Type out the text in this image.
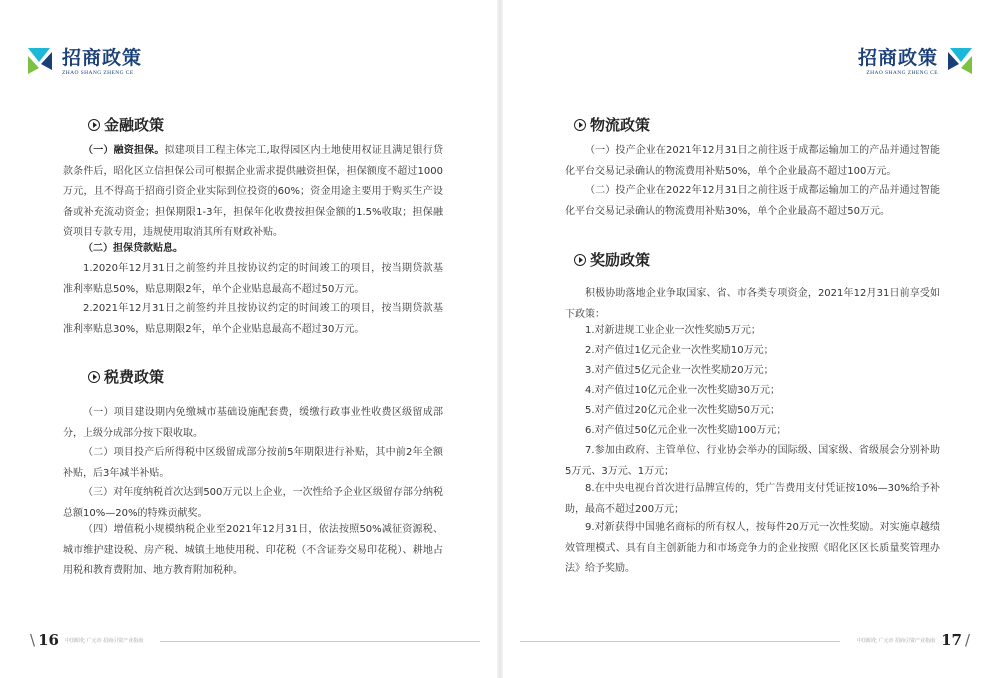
招商政策
ZHAO SHANG ZHENG CE
金融政策

（一）融资担保。拟建项目工程主体完工,取得园区内土地使用权证且满足银行贷款条件后，昭化区立信担保公司可根据企业需求提供融资担保，担保额度不超过1000万元，且不得高于招商引资企业实际到位投资的60%；资金用途主要用于购买生产设备或补充流动资金；担保期限1-3年，担保年化收费按担保金额的1.5%收取；担保融资项目专款专用，违规使用取消其所有财政补贴。

（二）担保贷款贴息。

1.2020年12月31日之前签约并且按协议约定的时间竣工的项目，按当期贷款基准利率贴息50%，贴息期限2年，单个企业贴息最高不超过50万元。

2.2021年12月31日之前签约并且按协议约定的时间竣工的项目，按当期贷款基准利率贴息30%，贴息期限2年，单个企业贴息最高不超过30万元。

税费政策

（一）项目建设期内免缴城市基础设施配套费，缓缴行政事业性收费区级留成部分，上级分成部分按下限收取。

（二）项目投产后所得税中区级留成部分按前5年期限进行补贴，其中前2年全额补贴，后3年减半补贴。

（三）对年度纳税首次达到500万元以上企业，一次性给予企业区级留存部分纳税总额10%—20%的特殊贡献奖。

（四）增值税小规模纳税企业至2021年12月31日，依法按照50%减征资源税、城市维护建设税、房产税、城镇土地使用税、印花税（不含证券交易印花税）、耕地占用税和教育费附加、地方教育附加税种。

\ 16 中国昭化 广元市 招商引资产业指南
招商政策
ZHAO SHANG ZHENG CE
物流政策

（一）投产企业在2021年12月31日之前往返于成都运输加工的产品并通过智能化平台交易记录确认的物流费用补贴50%，单个企业最高不超过100万元。

（二）投产企业在2022年12月31日之前往返于成都运输加工的产品并通过智能化平台交易记录确认的物流费用补贴30%，单个企业最高不超过50万元。

奖励政策

积极协助落地企业争取国家、省、市各类专项资金，2021年12月31日前享受如下政策：

1.对新进规工业企业一次性奖励5万元；

2.对产值过1亿元企业一次性奖励10万元；

3.对产值过5亿元企业一次性奖励20万元；

4.对产值过10亿元企业一次性奖励30万元；

5.对产值过20亿元企业一次性奖励50万元；

6.对产值过50亿元企业一次性奖励100万元；

7.参加由政府、主管单位、行业协会举办的国际级、国家级、省级展会分别补助5万元、3万元、1万元；

8.在中央电视台首次进行品牌宣传的，凭广告费用支付凭证按10%—30%给予补助，最高不超过200万元；

9.对新获得中国驰名商标的所有权人，按每件20万元一次性奖励。对实施卓越绩效管理模式、具有自主创新能力和市场竞争力的企业按照《昭化区区长质量奖管理办法》给予奖励。

中国昭化 广元市 招商引资产业指南 17 /
